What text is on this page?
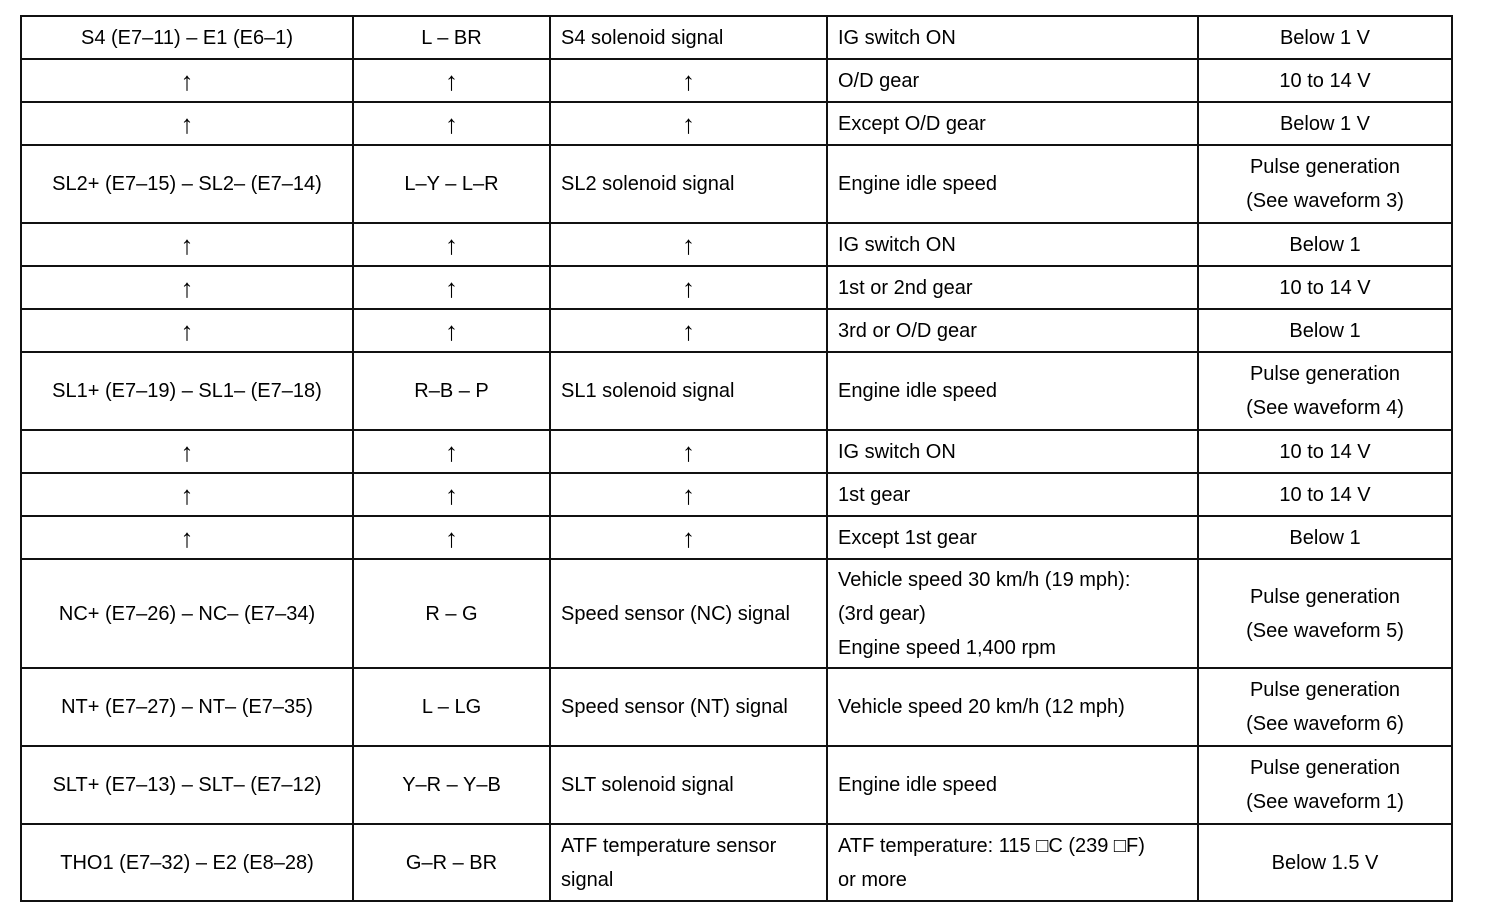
S4 (E7–11) – E1 (E6–1)	L – BR	S4 solenoid signal	IG switch ON	Below 1 V

↑	↑	↑	O/D gear	10 to 14 V

↑	↑	↑	Except O/D gear	Below 1 V

SL2+ (E7–15) – SL2– (E7–14)	L–Y – L–R	SL2 solenoid signal	Engine idle speed	Pulse generation
(See waveform 3)

↑	↑	↑	IG switch ON	Below 1

↑	↑	↑	1st or 2nd gear	10 to 14 V

↑	↑	↑	3rd or O/D gear	Below 1

SL1+ (E7–19) – SL1– (E7–18)	R–B – P	SL1 solenoid signal	Engine idle speed	Pulse generation
(See waveform 4)

↑	↑	↑	IG switch ON	10 to 14 V

↑	↑	↑	1st gear	10 to 14 V

↑	↑	↑	Except 1st gear	Below 1

NC+ (E7–26) – NC– (E7–34)	R – G	Speed sensor (NC) signal	Vehicle speed 30 km/h (19 mph):
(3rd gear)
Engine speed 1,400 rpm	Pulse generation
(See waveform 5)

NT+ (E7–27) – NT– (E7–35)	L – LG	Speed sensor (NT) signal	Vehicle speed 20 km/h (12 mph)	Pulse generation
(See waveform 6)

SLT+ (E7–13) – SLT– (E7–12)	Y–R – Y–B	SLT solenoid signal	Engine idle speed	Pulse generation
(See waveform 1)

THO1 (E7–32) – E2 (E8–28)	G–R – BR	ATF temperature sensor signal	ATF temperature: 115 □C (239 □F)
or more	Below 1.5 V
